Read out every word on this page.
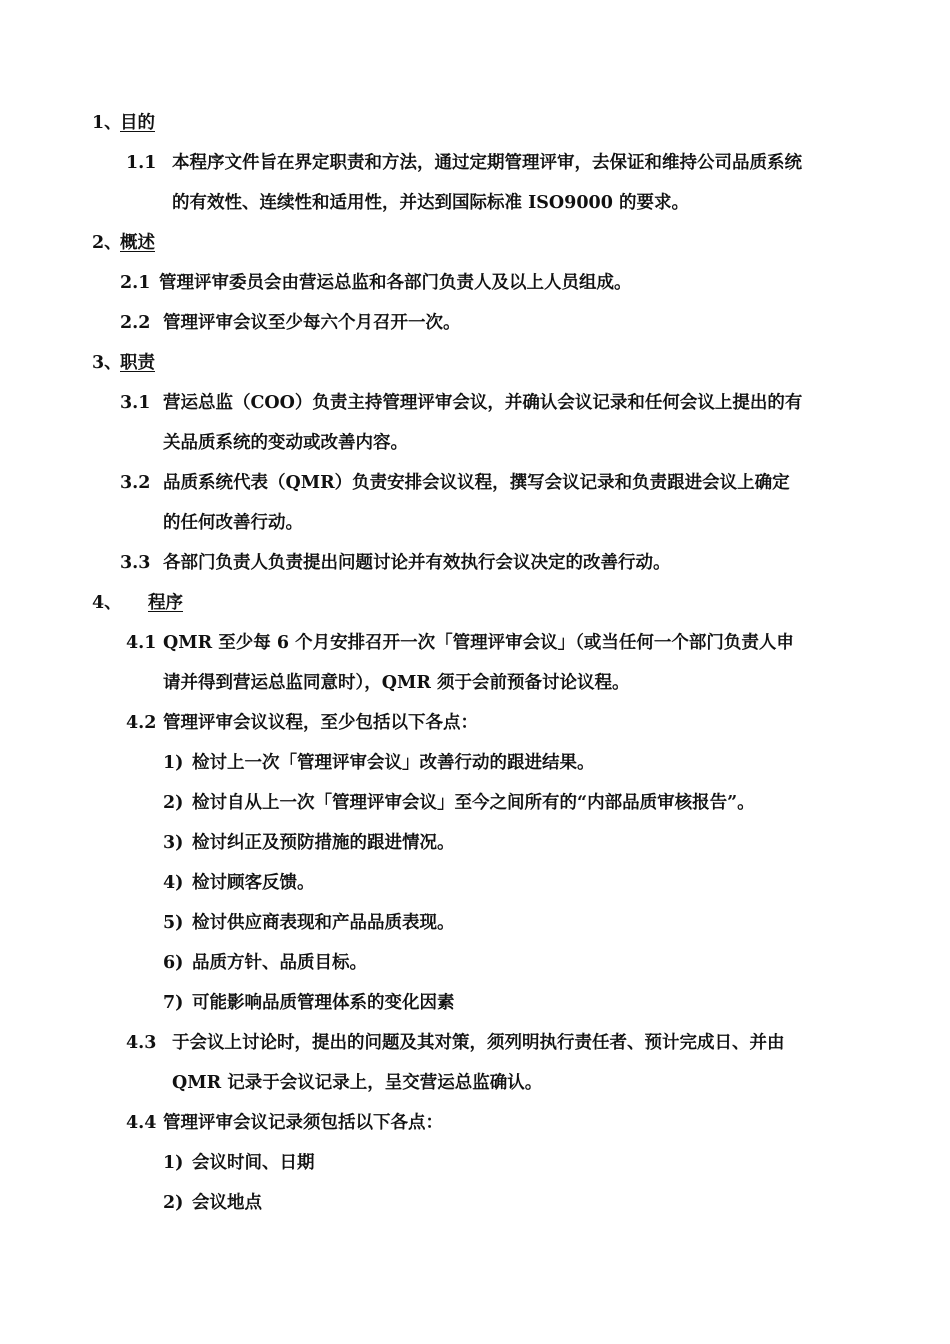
1、
目的
1.1 本程序文件旨在界定职责和方法，通过定期管理评审，去保证和维持公司品质系统
的有效性、连续性和适用性，并达到国际标准 ISO9000 的要求。
2、
概述
2.1 管理评审委员会由营运总监和各部门负责人及以上人员组成。
2.2 管理评审会议至少每六个月召开一次。
3、
职责
3.1 营运总监（COO）负责主持管理评审会议，并确认会议记录和任何会议上提出的有
关品质系统的变动或改善内容。
3.2 品质系统代表（QMR）负责安排会议议程，撰写会议记录和负责跟进会议上确定
的任何改善行动。
3.3 各部门负责人负责提出问题讨论并有效执行会议决定的改善行动。
4、 程序
4.1 QMR 至少每 6 个月安排召开一次「管理评审会议」（或当任何一个部门负责人申
请并得到营运总监同意时），QMR 须于会前预备讨论议程。
4.2 管理评审会议议程，至少包括以下各点：
1) 检讨上一次「管理评审会议」改善行动的跟进结果。
2) 检讨自从上一次「管理评审会议」至今之间所有的“内部品质审核报告”。
3) 检讨纠正及预防措施的跟进情况。
4) 检讨顾客反馈。
5) 检讨供应商表现和产品品质表现。
6) 品质方针、品质目标。
7) 可能影响品质管理体系的变化因素
4.3 于会议上讨论时，提出的问题及其对策，须列明执行责任者、预计完成日、并由
QMR 记录于会议记录上，呈交营运总监确认。
4.4 管理评审会议记录须包括以下各点：
1) 会议时间、日期
2) 会议地点
